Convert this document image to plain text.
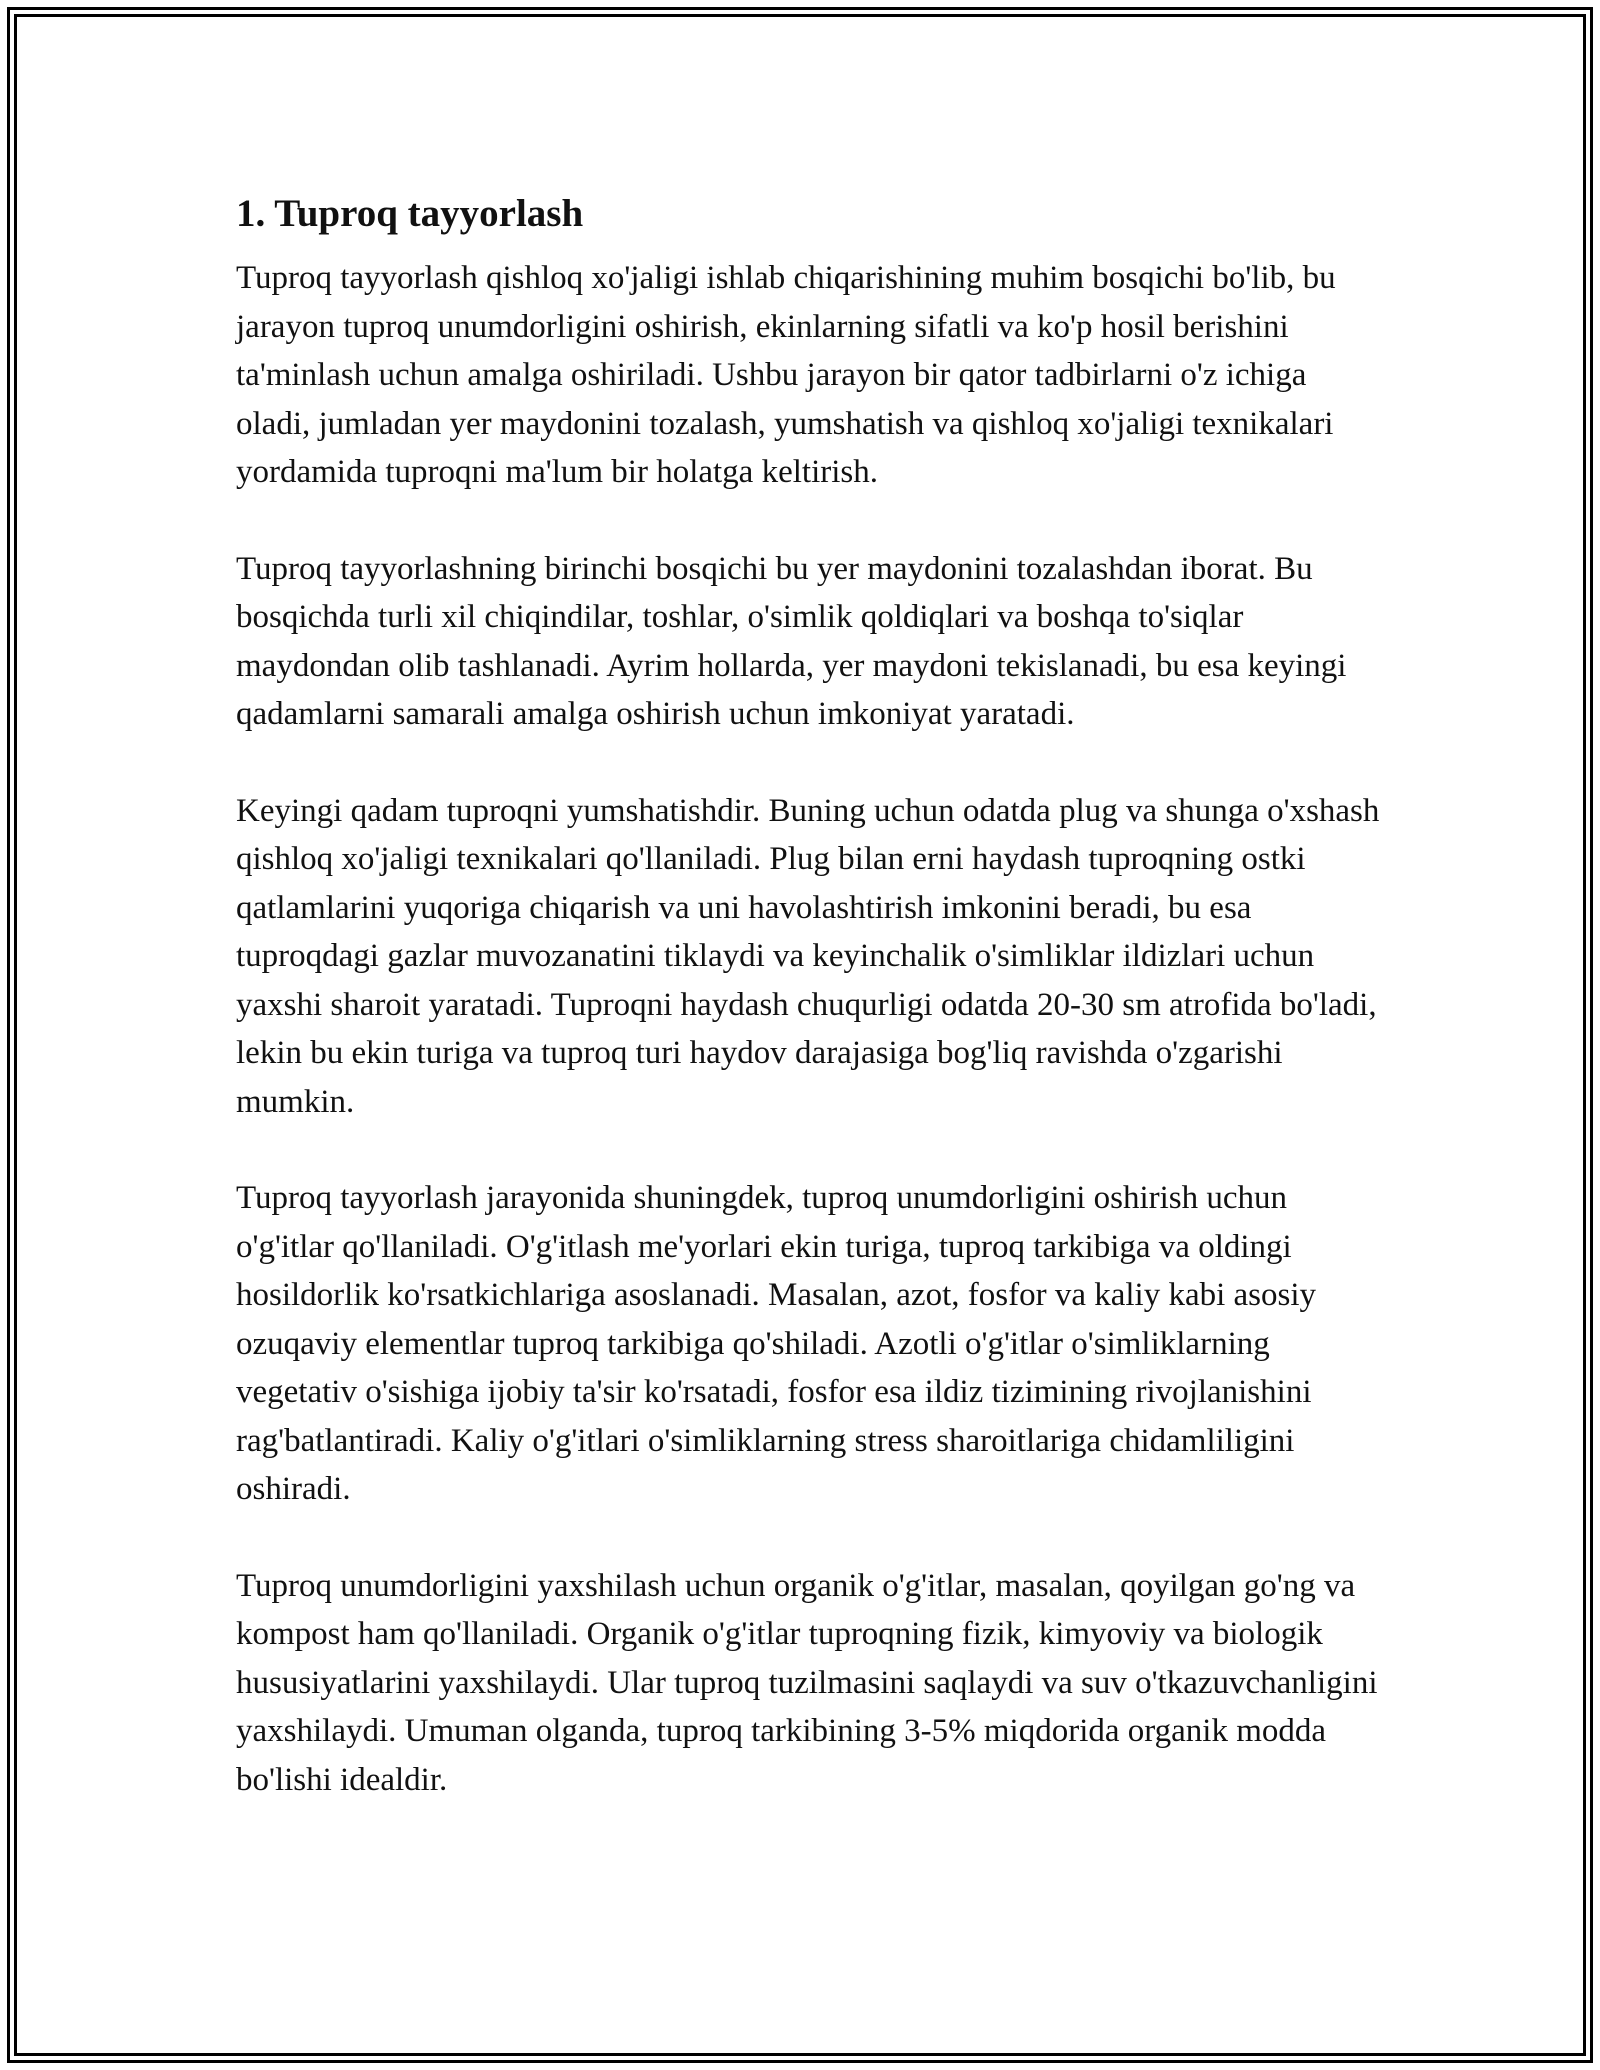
1. Tuproq tayyorlash

Tuproq tayyorlash qishloq xo'jaligi ishlab chiqarishining muhim bosqichi bo'lib, bu jarayon tuproq unumdorligini oshirish, ekinlarning sifatli va ko'p hosil berishini ta'minlash uchun amalga oshiriladi. Ushbu jarayon bir qator tadbirlarni o'z ichiga oladi, jumladan yer maydonini tozalash, yumshatish va qishloq xo'jaligi texnikalari yordamida tuproqni ma'lum bir holatga keltirish.

Tuproq tayyorlashning birinchi bosqichi bu yer maydonini tozalashdan iborat. Bu bosqichda turli xil chiqindilar, toshlar, o'simlik qoldiqlari va boshqa to'siqlar maydondan olib tashlanadi. Ayrim hollarda, yer maydoni tekislanadi, bu esa keyingi qadamlarni samarali amalga oshirish uchun imkoniyat yaratadi.

Keyingi qadam tuproqni yumshatishdir. Buning uchun odatda plug va shunga o'xshash qishloq xo'jaligi texnikalari qo'llaniladi. Plug bilan erni haydash tuproqning ostki qatlamlarini yuqoriga chiqarish va uni havolashtirish imkonini beradi, bu esa tuproqdagi gazlar muvozanatini tiklaydi va keyinchalik o'simliklar ildizlari uchun yaxshi sharoit yaratadi. Tuproqni haydash chuqurligi odatda 20-30 sm atrofida bo'ladi, lekin bu ekin turiga va tuproq turi haydov darajasiga bog'liq ravishda o'zgarishi mumkin.

Tuproq tayyorlash jarayonida shuningdek, tuproq unumdorligini oshirish uchun o'g'itlar qo'llaniladi. O'g'itlash me'yorlari ekin turiga, tuproq tarkibiga va oldingi hosildorlik ko'rsatkichlariga asoslanadi. Masalan, azot, fosfor va kaliy kabi asosiy ozuqaviy elementlar tuproq tarkibiga qo'shiladi. Azotli o'g'itlar o'simliklarning vegetativ o'sishiga ijobiy ta'sir ko'rsatadi, fosfor esa ildiz tizimining rivojlanishini rag'batlantiradi. Kaliy o'g'itlari o'simliklarning stress sharoitlariga chidamliligini oshiradi.

Tuproq unumdorligini yaxshilash uchun organik o'g'itlar, masalan, qoyilgan go'ng va kompost ham qo'llaniladi. Organik o'g'itlar tuproqning fizik, kimyoviy va biologik hususiyatlarini yaxshilaydi. Ular tuproq tuzilmasini saqlaydi va suv o'tkazuvchanligini yaxshilaydi. Umuman olganda, tuproq tarkibining 3-5% miqdorida organik modda bo'lishi idealdir.
